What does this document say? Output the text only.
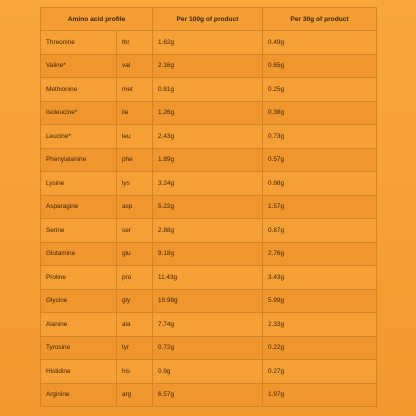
Amino acid profile		Per 100g of product	Per 30g of product
Threonine	thr	1.62g	0.49g
Valine*	val	2.16g	0.65g
Methionine	met	0.81g	0.25g
Isoleucine*	ile	1.26g	0.38g
Leucine*	leu	2.43g	0.73g
Phenylalanine	phe	1.89g	0.57g
Lysine	lys	3.24g	0.98g
Asparagine	asp	5.22g	1.57g
Serine	ser	2.88g	0.87g
Glutamine	glu	9.18g	2.76g
Proline	pro	11.43g	3.43g
Glycine	gly	19.98g	5.99g
Alanine	ala	7.74g	2.33g
Tyrosine	tyr	0.72g	0.22g
Histidine	his	0.9g	0.27g
Arginine	arg	6.57g	1.97g
